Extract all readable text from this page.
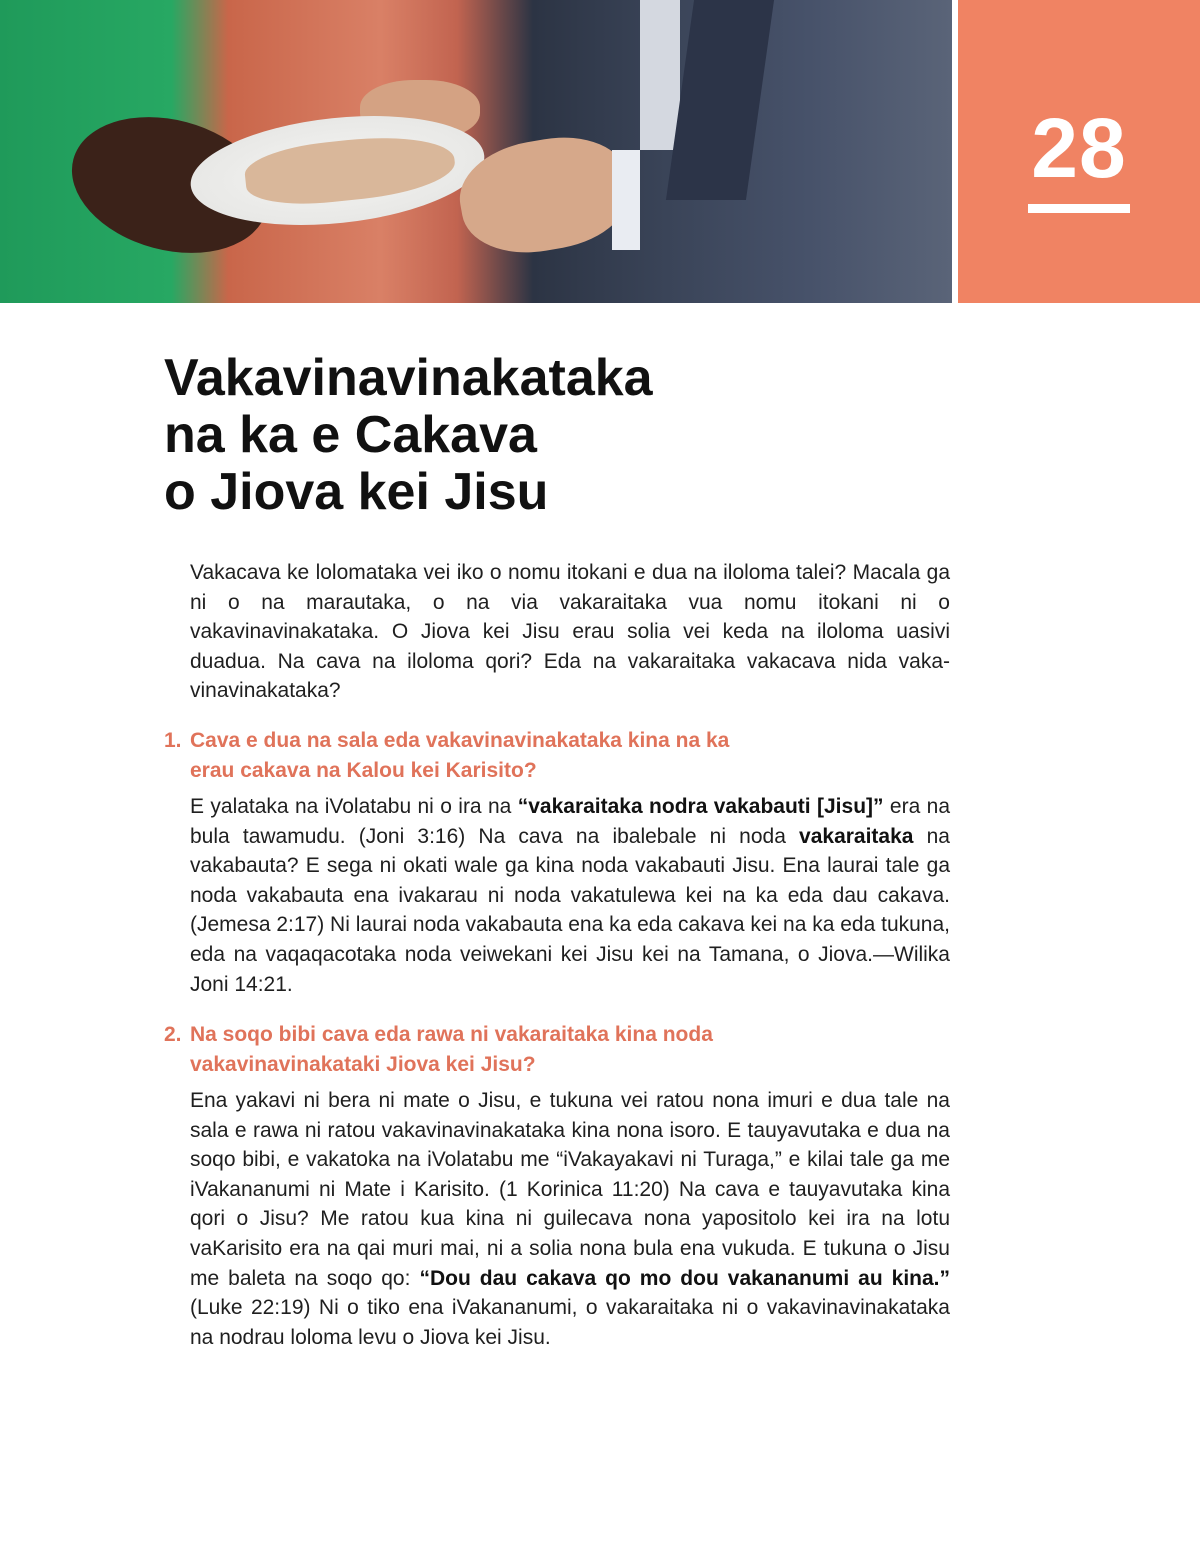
28
Vakavinavinakataka
na ka e Cakava
o Jiova kei Jisu

Vakacava ke lolomataka vei iko o nomu itokani e dua na iloloma talei? Macala ga ni o na marautaka, o na via vakaraitaka vua nomu itokani ni o vakavinavinakataka. O Jiova kei Jisu erau solia vei keda na iloloma uasivi duadua. Na cava na iloloma qori? Eda na vakaraitaka vakacava nida vakavinavinakataka?

1. Cava e dua na sala eda vakavinavinakataka kina na ka
erau cakava na Kalou kei Karisito?

E yalataka na iVolatabu ni o ira na “vakaraitaka nodra vakabauti [Jisu]” era na bula tawamudu. (Joni 3:16) Na cava na ibalebale ni noda vakaraitaka na vakabauta? E sega ni okati wale ga kina noda vakabauti Jisu. Ena laurai tale ga noda vakabauta ena ivakarau ni noda vakatulewa kei na ka eda dau cakava. (Jemesa 2:17) Ni laurai noda vakabauta ena ka eda cakava kei na ka eda tukuna, eda na vaqaqacotaka noda veiwekani kei Jisu kei na Tamana, o Jiova.—Wilika Joni 14:21.

2. Na soqo bibi cava eda rawa ni vakaraitaka kina noda
vakavinavinakataki Jiova kei Jisu?

Ena yakavi ni bera ni mate o Jisu, e tukuna vei ratou nona imuri e dua tale na sala e rawa ni ratou vakavinavinakataka kina nona isoro. E tauyavutaka e dua na soqo bibi, e vakatoka na iVolatabu me “iVakayakavi ni Turaga,” e kilai tale ga me iVakananumi ni Mate i Karisito. (1 Korinica 11:20) Na cava e tauyavutaka kina qori o Jisu? Me ratou kua kina ni guilecava nona yapositolo kei ira na lotu vaKarisito era na qai muri mai, ni a solia nona bula ena vukuda. E tukuna o Jisu me baleta na soqo qo: “Dou dau cakava qo mo dou vakananumi au kina.” (Luke 22:19) Ni o tiko ena iVakananumi, o vakaraitaka ni o vakavinavinakataka na nodrau loloma levu o Jiova kei Jisu.
